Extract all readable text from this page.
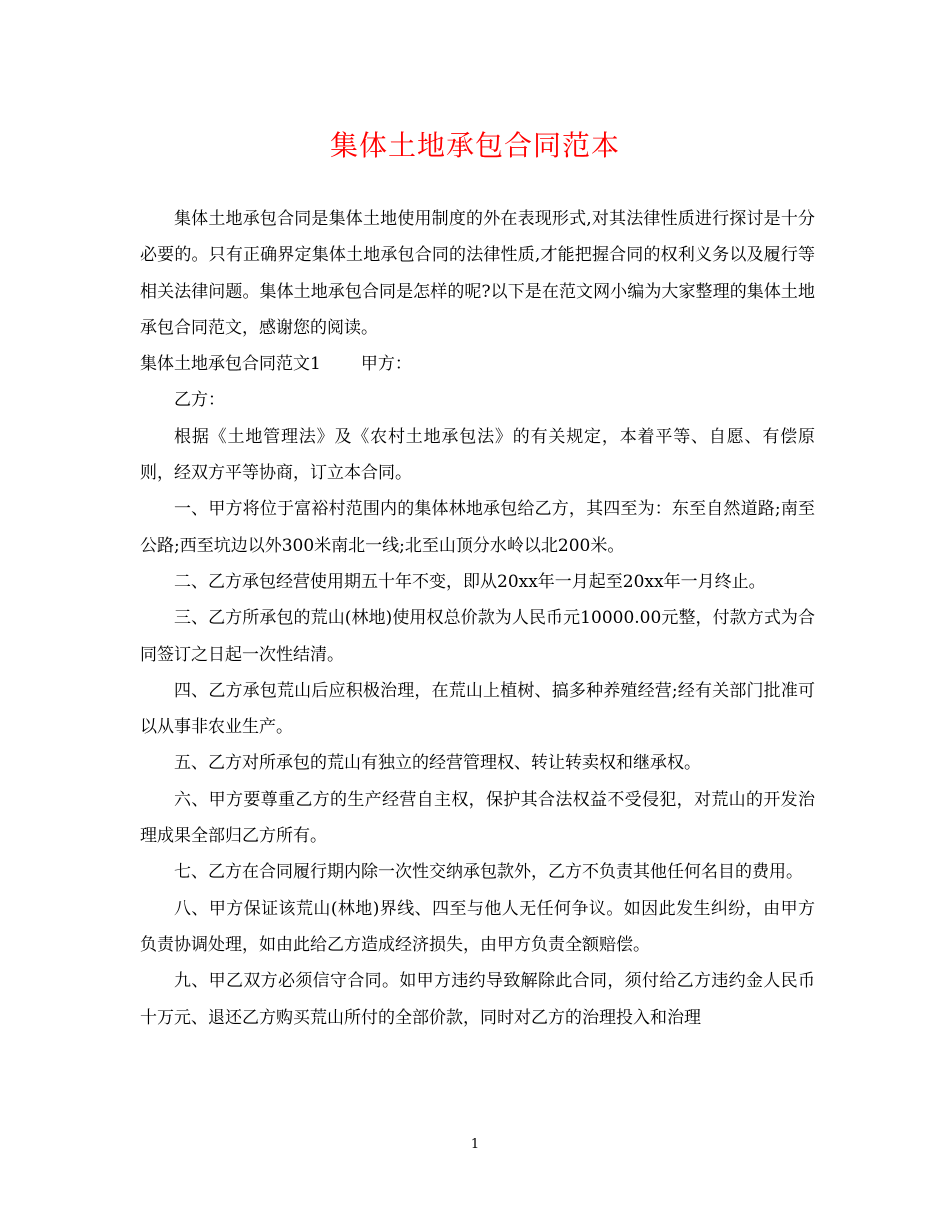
集体土地承包合同范本

集体土地承包合同是集体土地使用制度的外在表现形式,对其法律性质进行探讨是十分必要的。只有正确界定集体土地承包合同的法律性质,才能把握合同的权利义务以及履行等相关法律问题。集体土地承包合同是怎样的呢?以下是在范文网小编为大家整理的集体土地承包合同范文，感谢您的阅读。

集体土地承包合同范文1 甲方：

乙方：

根据《土地管理法》及《农村土地承包法》的有关规定，本着平等、自愿、有偿原则，经双方平等协商，订立本合同。

一、甲方将位于富裕村范围内的集体林地承包给乙方，其四至为：东至自然道路;南至公路;西至坑边以外300米南北一线;北至山顶分水岭以北200米。

二、乙方承包经营使用期五十年不变，即从20xx年一月起至20xx年一月终止。

三、乙方所承包的荒山(林地)使用权总价款为人民币元10000.00元整，付款方式为合同签订之日起一次性结清。

四、乙方承包荒山后应积极治理，在荒山上植树、搞多种养殖经营;经有关部门批准可以从事非农业生产。

五、乙方对所承包的荒山有独立的经营管理权、转让转卖权和继承权。

六、甲方要尊重乙方的生产经营自主权，保护其合法权益不受侵犯，对荒山的开发治理成果全部归乙方所有。

七、乙方在合同履行期内除一次性交纳承包款外，乙方不负责其他任何名目的费用。

八、甲方保证该荒山(林地)界线、四至与他人无任何争议。如因此发生纠纷，由甲方负责协调处理，如由此给乙方造成经济损失，由甲方负责全额赔偿。

九、甲乙双方必须信守合同。如甲方违约导致解除此合同，须付给乙方违约金人民币十万元、退还乙方购买荒山所付的全部价款，同时对乙方的治理投入和治理

1
